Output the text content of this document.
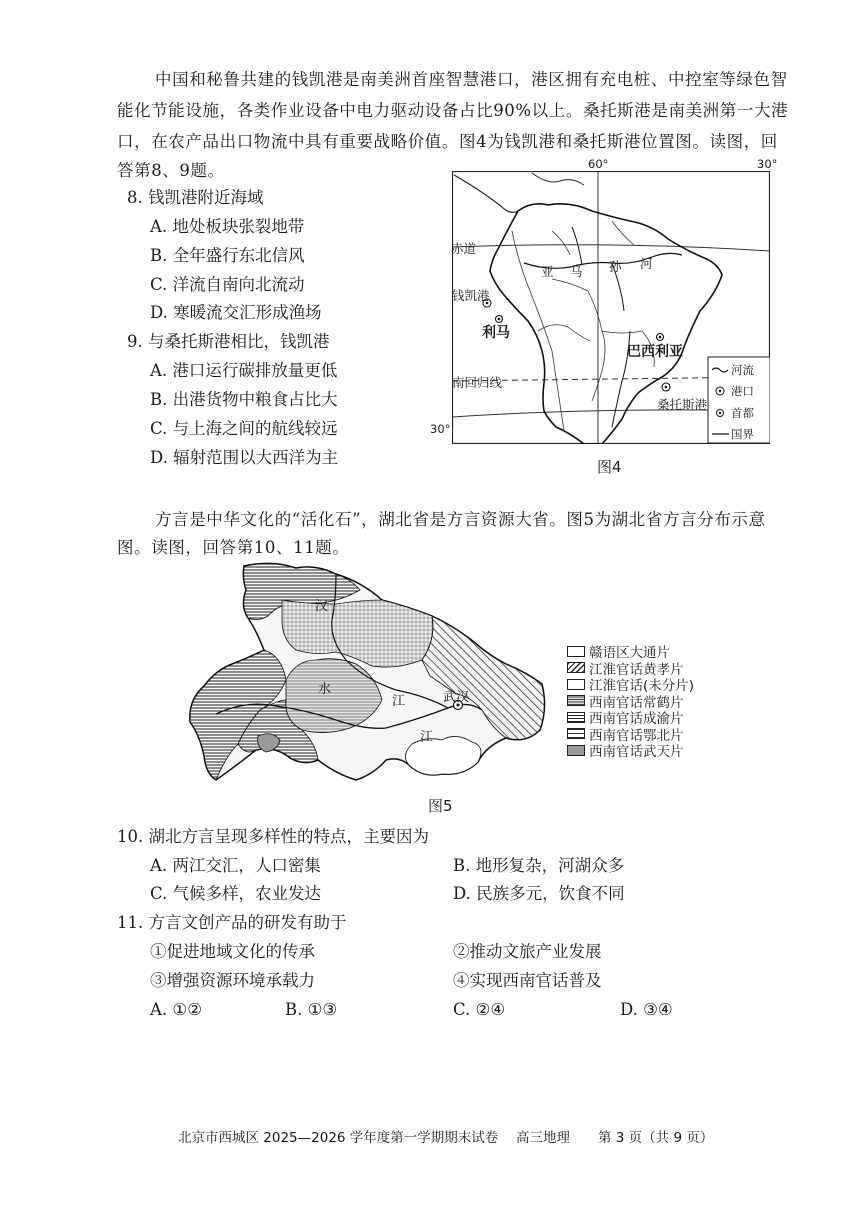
中国和秘鲁共建的钱凯港是南美洲首座智慧港口，港区拥有充电桩、中控室等绿色智
能化节能设施，各类作业设备中电力驱动设备占比90%以上。桑托斯港是南美洲第一大港
口，在农产品出口物流中具有重要战略价值。图4为钱凯港和桑托斯港位置图。读图，回
答第8、9题。
8. 钱凯港附近海域
A. 地处板块张裂地带
B. 全年盛行东北信风
C. 洋流自南向北流动
D. 寒暖流交汇形成渔场
9. 与桑托斯港相比，钱凯港
A. 港口运行碳排放量更低
B. 出港货物中粮食占比大
C. 与上海之间的航线较远
D. 辐射范围以大西洋为主
60°	30°
30°
赤道
亚 马 孙 河
钱凯港
利马
巴西利亚
南回归线
桑托斯港
河流
港口
首都
国界
图4
方言是中华文化的“活化石”，湖北省是方言资源大省。图5为湖北省方言分布示意
图。读图，回答第10、11题。
汉
水
江
江
武汉
赣语区大通片
江淮官话黄孝片
江淮官话(未分片)
西南官话常鹤片
西南官话成渝片
西南官话鄂北片
西南官话武天片
图5
10. 湖北方言呈现多样性的特点，主要因为
A. 两江交汇，人口密集	B. 地形复杂，河湖众多
C. 气候多样，农业发达	D. 民族多元，饮食不同
11. 方言文创产品的研发有助于
①促进地域文化的传承	②推动文旅产业发展
③增强资源环境承载力	④实现西南官话普及
A. ①②	B. ①③	C. ②④	D. ③④
北京市西城区 2025—2026 学年度第一学期期末试卷 高三地理 第 3 页（共 9 页）
